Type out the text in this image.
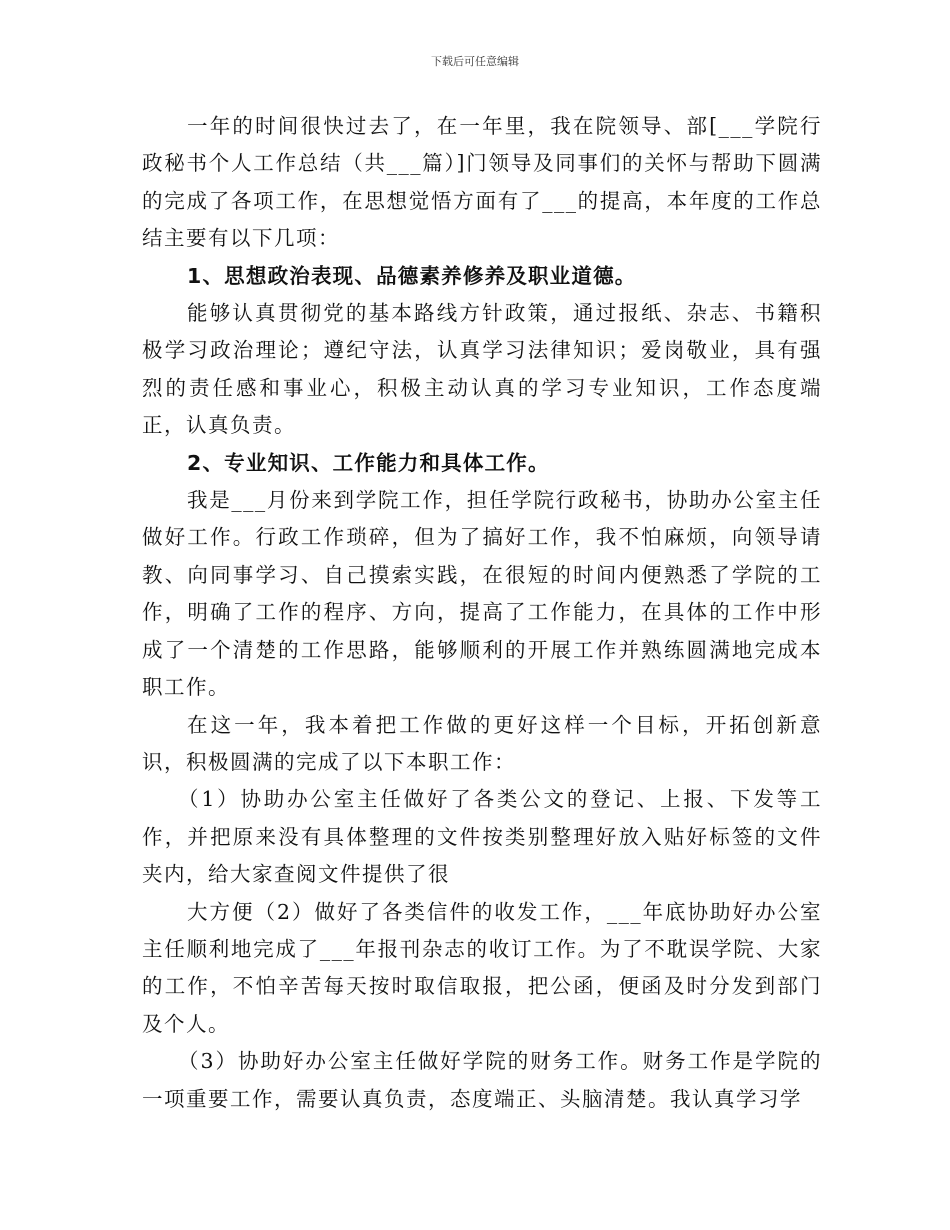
下载后可任意编辑

一年的时间很快过去了，在一年里，我在院领导、部[___学院行政秘书个人工作总结（共___篇）]门领导及同事们的关怀与帮助下圆满的完成了各项工作，在思想觉悟方面有了___的提高，本年度的工作总结主要有以下几项：

1、思想政治表现、品德素养修养及职业道德。

能够认真贯彻党的基本路线方针政策，通过报纸、杂志、书籍积极学习政治理论；遵纪守法，认真学习法律知识；爱岗敬业，具有强烈的责任感和事业心，积极主动认真的学习专业知识，工作态度端正，认真负责。

2、专业知识、工作能力和具体工作。

我是___月份来到学院工作，担任学院行政秘书，协助办公室主任做好工作。行政工作琐碎，但为了搞好工作，我不怕麻烦，向领导请教、向同事学习、自己摸索实践，在很短的时间内便熟悉了学院的工作，明确了工作的程序、方向，提高了工作能力，在具体的工作中形成了一个清楚的工作思路，能够顺利的开展工作并熟练圆满地完成本职工作。

在这一年，我本着把工作做的更好这样一个目标，开拓创新意识，积极圆满的完成了以下本职工作：

（1）协助办公室主任做好了各类公文的登记、上报、下发等工作，并把原来没有具体整理的文件按类别整理好放入贴好标签的文件夹内，给大家查阅文件提供了很

大方便（2）做好了各类信件的收发工作，___年底协助好办公室主任顺利地完成了___年报刊杂志的收订工作。为了不耽误学院、大家的工作，不怕辛苦每天按时取信取报，把公函，便函及时分发到部门及个人。

（3）协助好办公室主任做好学院的财务工作。财务工作是学院的一项重要工作，需要认真负责，态度端正、头脑清楚。我认真学习学
